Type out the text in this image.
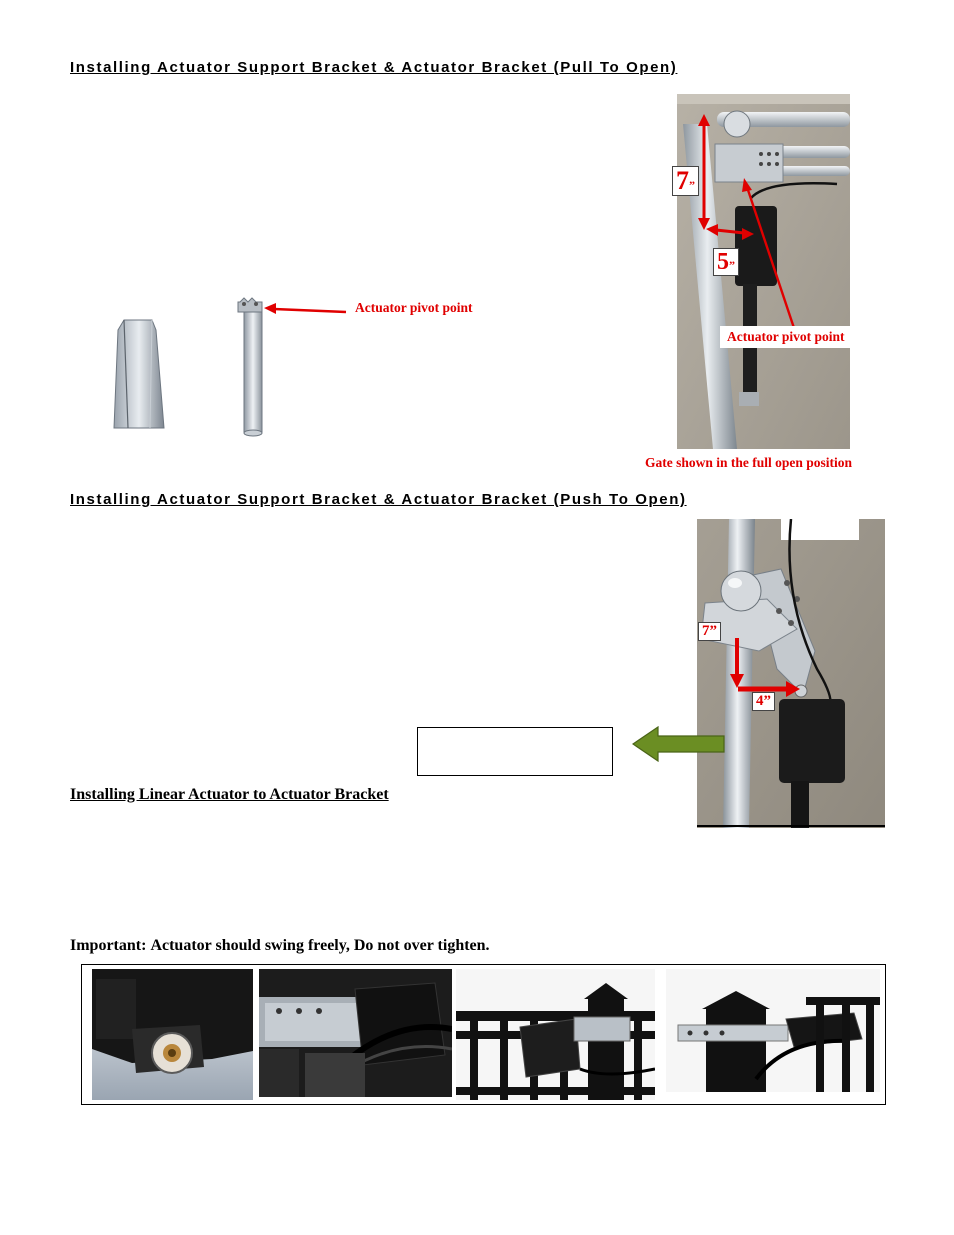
Installing Actuator Support Bracket & Actuator Bracket (Pull To Open)
Actuator pivot point
7”
5”
Actuator pivot point
Gate shown in the full open position
Installing Actuator Support Bracket & Actuator Bracket (Push To Open)
7”
4”
Installing Linear Actuator to Actuator Bracket
Important: Actuator should swing freely, Do not over tighten.
